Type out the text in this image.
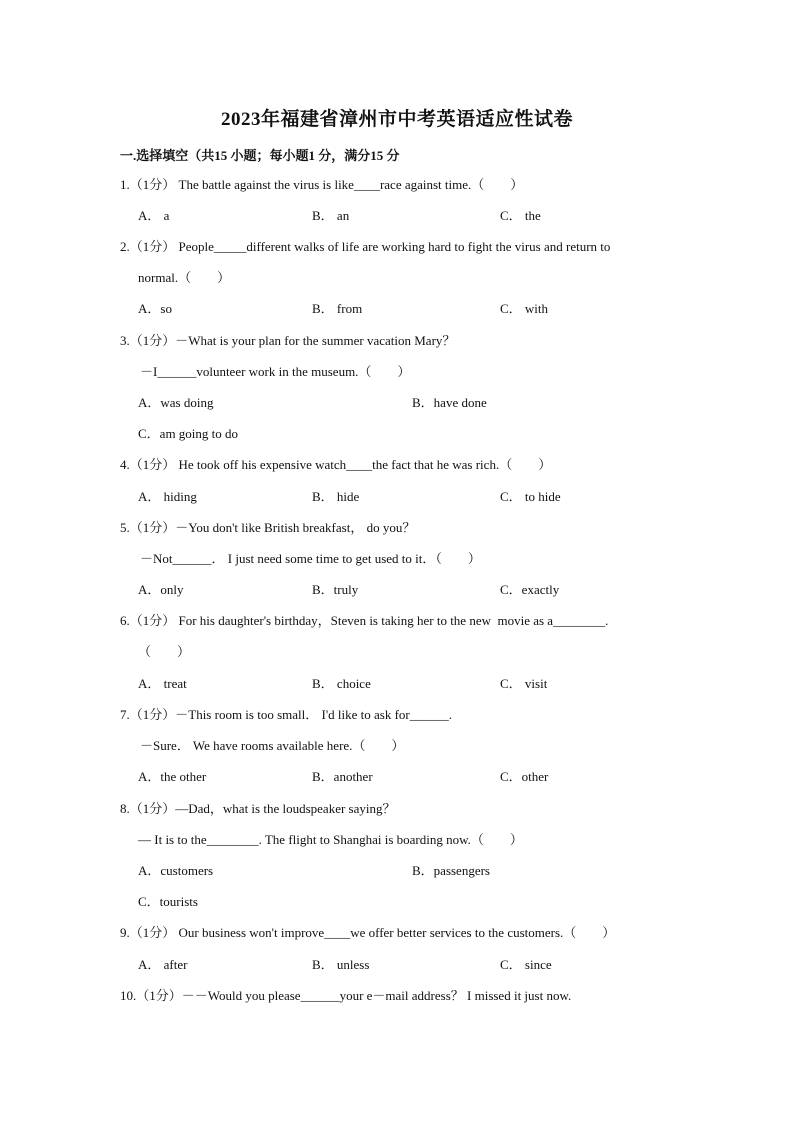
2023年福建省漳州市中考英语适应性试卷
一.选择填空（共15 小题；每小题1 分，满分15 分
1.（1分） The battle against the virus is like____race against time.（　　）
A． a	B． an	C． the
2.（1分） People_____different walks of life are working hard to fight the virus and return to
normal.（　　）
A．so	B． from	C． with
3.（1分）－What is your plan for the summer vacation Mary？
－I______volunteer work in the museum.（　　）
A．was doing	B．have done
C．am going to do
4.（1分） He took off his expensive watch____the fact that he was rich.（　　）
A． hiding	B． hide	C． to hide
5.（1分）－You don't like British breakfast， do you？
－Not______． I just need some time to get used to it．（　　）
A．only	B．truly	C．exactly
6.（1分） For his daughter's birthday，Steven is taking her to the new  movie as a________.
（　　）
A． treat	B． choice	C． visit
7.（1分）－This room is too small． I'd like to ask for______.
－Sure． We have rooms available here.（　　）
A．the other	B．another	C．other
8.（1分）—Dad，what is the loudspeaker saying？
— It is to the________. The flight to Shanghai is boarding now.（　　）
A．customers	B．passengers
C．tourists
9.（1分） Our business won't improve____we offer better services to the customers.（　　）
A． after	B． unless	C． since
10.（1分）－－Would you please______your e－mail address？ I missed it just now.
